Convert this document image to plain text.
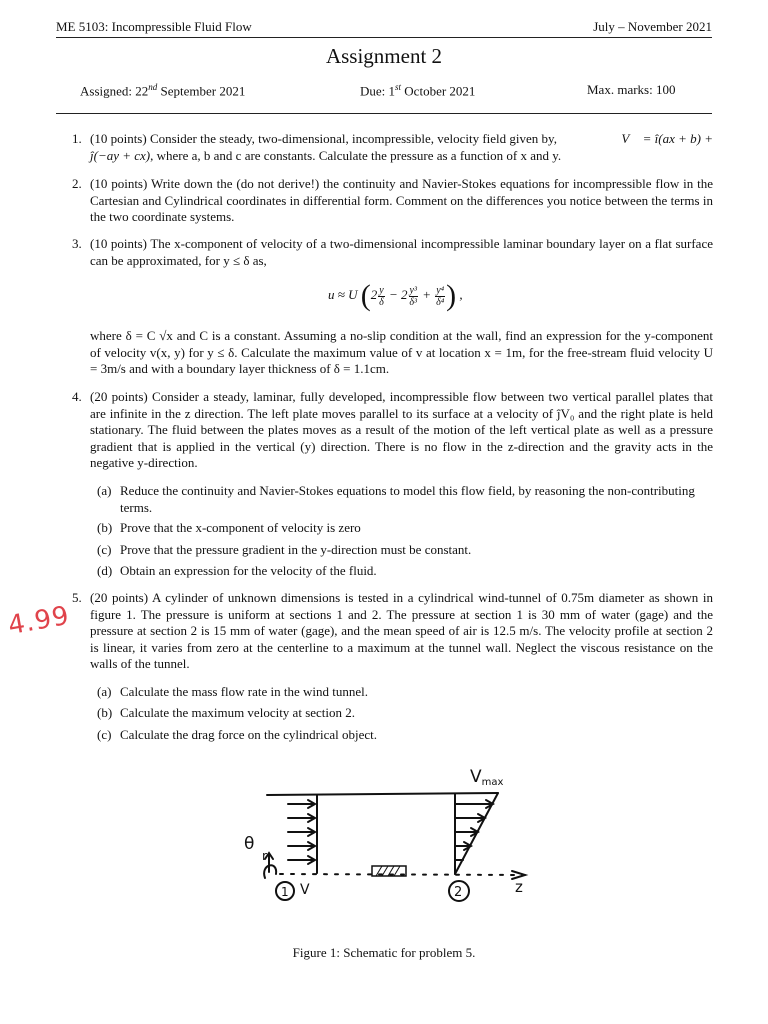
ME 5103: Incompressible Fluid Flow	July – November 2021
Assignment 2
Assigned: 22nd September 2021	Due: 1st October 2021	Max. marks: 100
1. (10 points) Consider the steady, two-dimensional, incompressible, velocity field given by,	V⃗ = î(ax + b) +
ĵ(−ay + cx), where a, b and c are constants. Calculate the pressure as a function of x and y.
2. (10 points) Write down the (do not derive!) the continuity and Navier-Stokes equations for incompressible flow in the Cartesian and Cylindrical coordinates in differential form. Comment on the differences you notice between the terms in the two coordinate systems.
3. (10 points) The x-component of velocity of a two-dimensional incompressible laminar boundary layer on a flat surface can be approximated, for y ≤ δ as,
u ≈ U ($2 \frac{y}{\delta} - 2 \frac{\text{y³}}{\text{δ³}} + \frac{\text{y⁴}}{\text{δ⁴}}$ ) ,
where δ = C √x and C is a constant. Assuming a no-slip condition at the wall, find an expression for the y-component of velocity v(x, y) for y ≤ δ. Calculate the maximum value of v at location x = 1m, for the free-stream fluid velocity U = 3m/s and with a boundary layer thickness of δ = 1.1cm.
4. (20 points) Consider a steady, laminar, fully developed, incompressible flow between two vertical parallel plates that are infinite in the z direction. The left plate moves parallel to its surface at a velocity of ĵV₀ and the right plate is held stationary. The fluid between the plates moves as a result of the motion of the left vertical plate as well as a pressure gradient that is applied in the vertical (y) direction. There is no flow in the z-direction and the gravity acts in the negative y-direction.
(a) Reduce the continuity and Navier-Stokes equations to model this flow field, by reasoning the non-contributing terms.
(b) Prove that the x-component of velocity is zero
(c) Prove that the pressure gradient in the y-direction must be constant.
(d) Obtain an expression for the velocity of the fluid.
5. (20 points) A cylinder of unknown dimensions is tested in a cylindrical wind-tunnel of 0.75m diameter as shown in figure 1. The pressure is uniform at sections 1 and 2. The pressure at section 1 is 30 mm of water (gage) and the pressure at section 2 is 15 mm of water (gage), and the mean speed of air is 12.5 m/s. The velocity profile at section 2 is linear, it varies from zero at the centerline to a maximum at the tunnel wall. Neglect the viscous resistance on the walls of the tunnel.
(a) Calculate the mass flow rate in the wind tunnel.
(b) Calculate the maximum velocity at section 2.
(c) Calculate the drag force on the cylindrical object.
4.99
Vmax
θ
r
z
V
1	2
Figure 1: Schematic for problem 5.
